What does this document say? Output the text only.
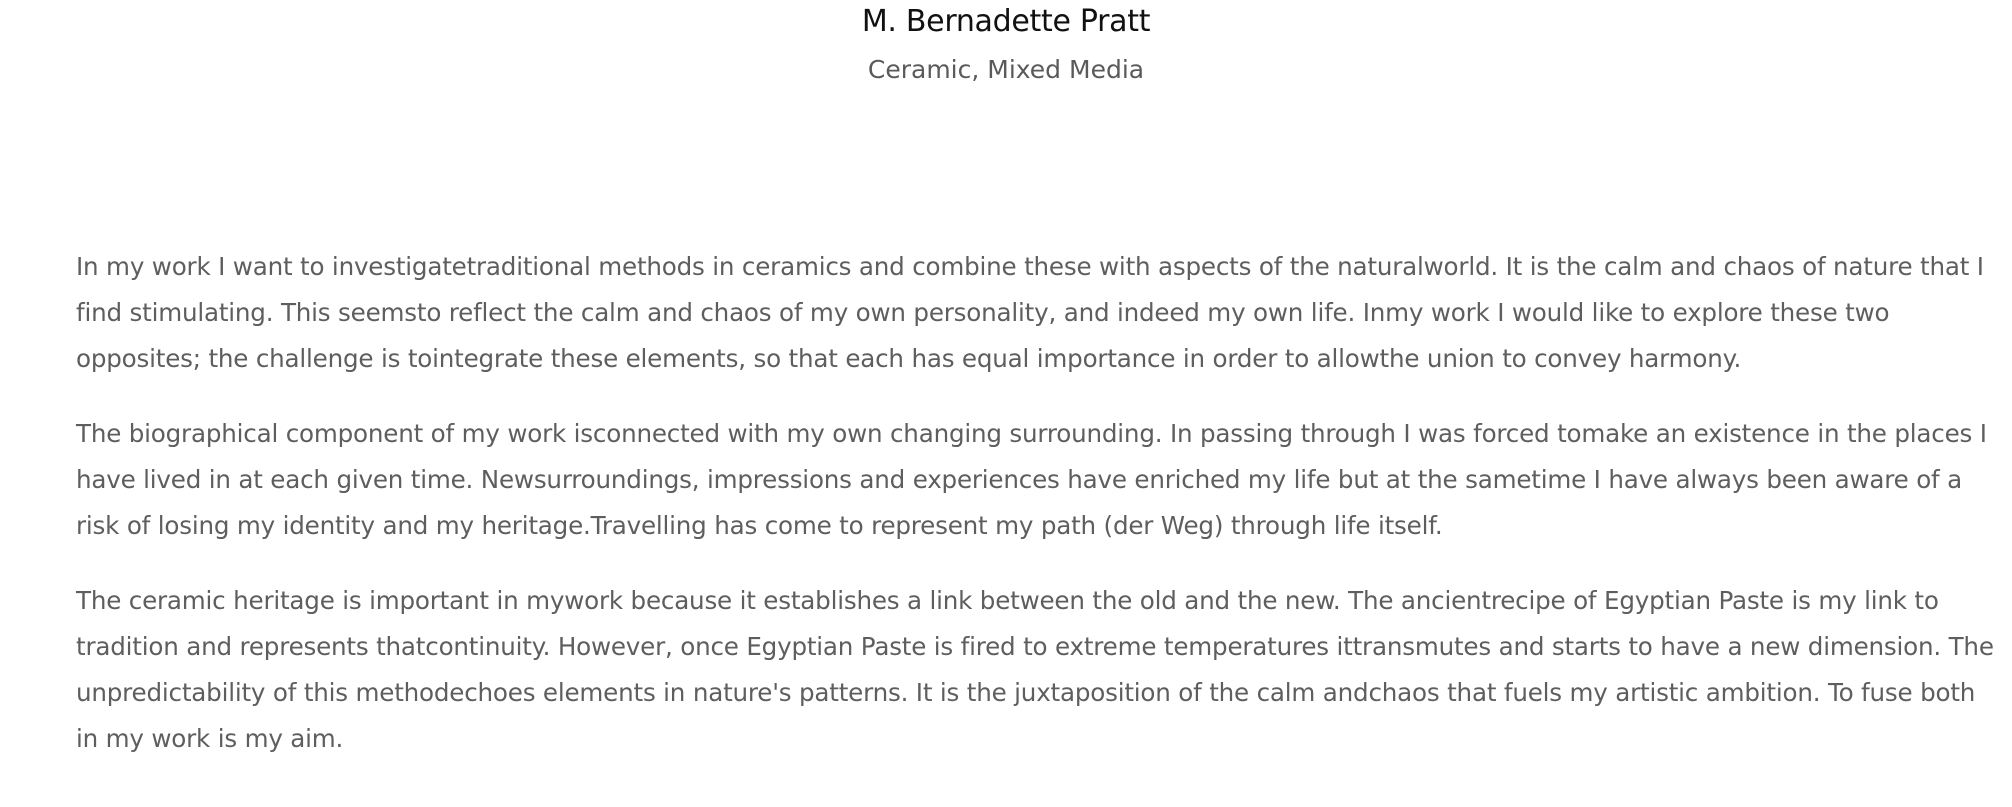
M. Bernadette Pratt
Ceramic, Mixed Media

In my work I want to investigatetraditional methods in ceramics and combine these with aspects of the naturalworld. It is the calm and chaos of nature that I find stimulating. This seemsto reflect the calm and chaos of my own personality, and indeed my own life. Inmy work I would like to explore these two opposites; the challenge is tointegrate these elements, so that each has equal importance in order to allowthe union to convey harmony.

The biographical component of my work isconnected with my own changing surrounding. In passing through I was forced tomake an existence in the places I have lived in at each given time. Newsurroundings, impressions and experiences have enriched my life but at the sametime I have always been aware of a risk of losing my identity and my heritage.Travelling has come to represent my path (der Weg) through life itself.

The ceramic heritage is important in mywork because it establishes a link between the old and the new. The ancientrecipe of Egyptian Paste is my link to tradition and represents thatcontinuity. However, once Egyptian Paste is fired to extreme temperatures ittransmutes and starts to have a new dimension. The unpredictability of this methodechoes elements in nature's patterns. It is the juxtaposition of the calm andchaos that fuels my artistic ambition. To fuse both in my work is my aim.
